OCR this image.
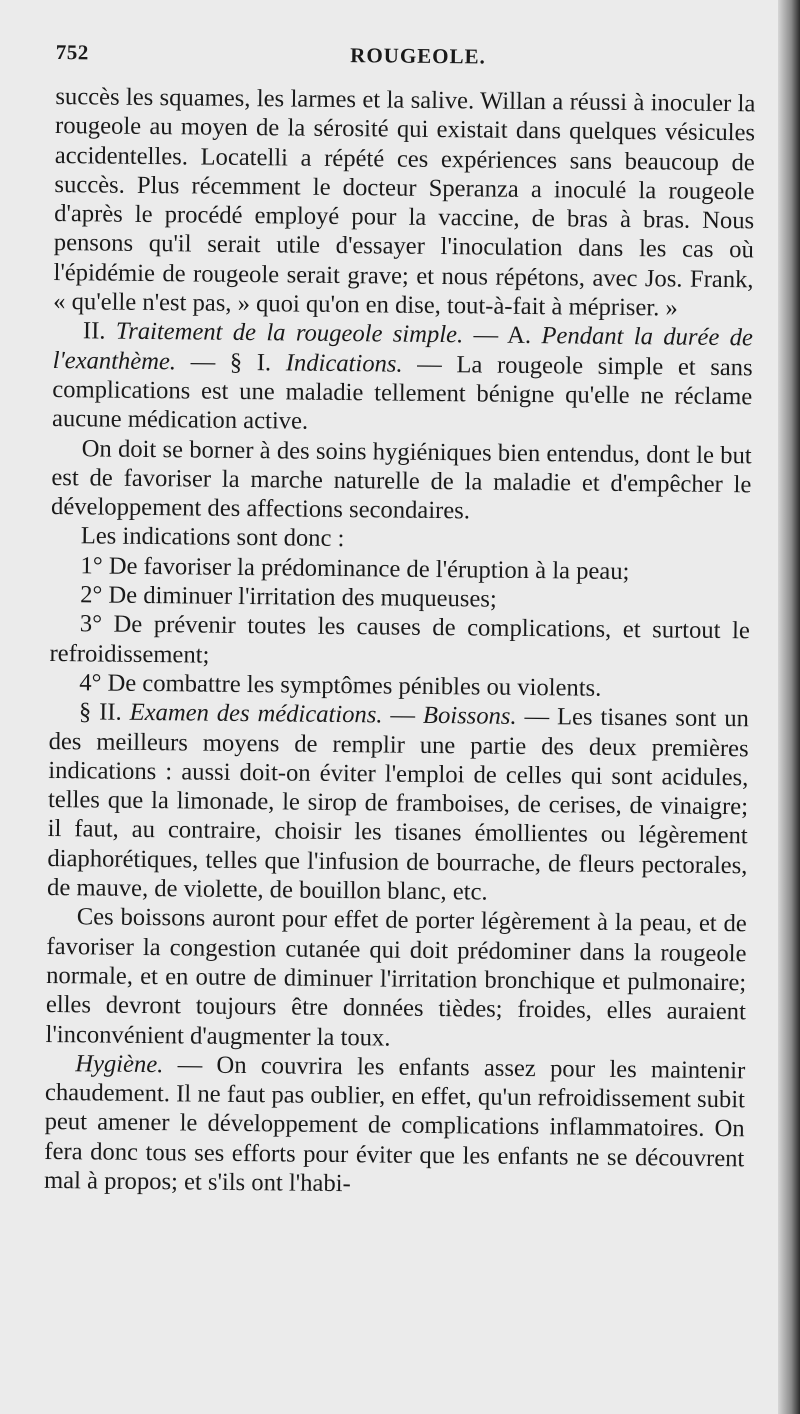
752	ROUGEOLE.

succès les squames, les larmes et la salive. Willan a réussi à inoculer la rougeole au moyen de la sérosité qui existait dans quelques vésicules accidentelles. Locatelli a répété ces expériences sans beaucoup de succès. Plus récemment le docteur Speranza a inoculé la rougeole d'après le procédé employé pour la vaccine, de bras à bras. Nous pensons qu'il serait utile d'essayer l'inoculation dans les cas où l'épidémie de rougeole serait grave; et nous répétons, avec Jos. Frank, « qu'elle n'est pas, » quoi qu'on en dise, tout-à-fait à mépriser. »

II. Traitement de la rougeole simple. — A. Pendant la durée de l'exanthème. — § I. Indications. — La rougeole simple et sans complications est une maladie tellement bénigne qu'elle ne réclame aucune médication active.

On doit se borner à des soins hygiéniques bien entendus, dont le but est de favoriser la marche naturelle de la maladie et d'empêcher le développement des affections secondaires.

Les indications sont donc :

1° De favoriser la prédominance de l'éruption à la peau;

2° De diminuer l'irritation des muqueuses;

3° De prévenir toutes les causes de complications, et surtout le refroidissement;

4° De combattre les symptômes pénibles ou violents.

§ II. Examen des médications. — Boissons. — Les tisanes sont un des meilleurs moyens de remplir une partie des deux premières indications : aussi doit-on éviter l'emploi de celles qui sont acidules, telles que la limonade, le sirop de framboises, de cerises, de vinaigre; il faut, au contraire, choisir les tisanes émollientes ou légèrement diaphorétiques, telles que l'infusion de bourrache, de fleurs pectorales, de mauve, de violette, de bouillon blanc, etc.

Ces boissons auront pour effet de porter légèrement à la peau, et de favoriser la congestion cutanée qui doit prédominer dans la rougeole normale, et en outre de diminuer l'irritation bronchique et pulmonaire; elles devront toujours être données tièdes; froides, elles auraient l'inconvénient d'augmenter la toux.

Hygiène. — On couvrira les enfants assez pour les maintenir chaudement. Il ne faut pas oublier, en effet, qu'un refroidissement subit peut amener le développement de complications inflammatoires. On fera donc tous ses efforts pour éviter que les enfants ne se découvrent mal à propos; et s'ils ont l'habi-
